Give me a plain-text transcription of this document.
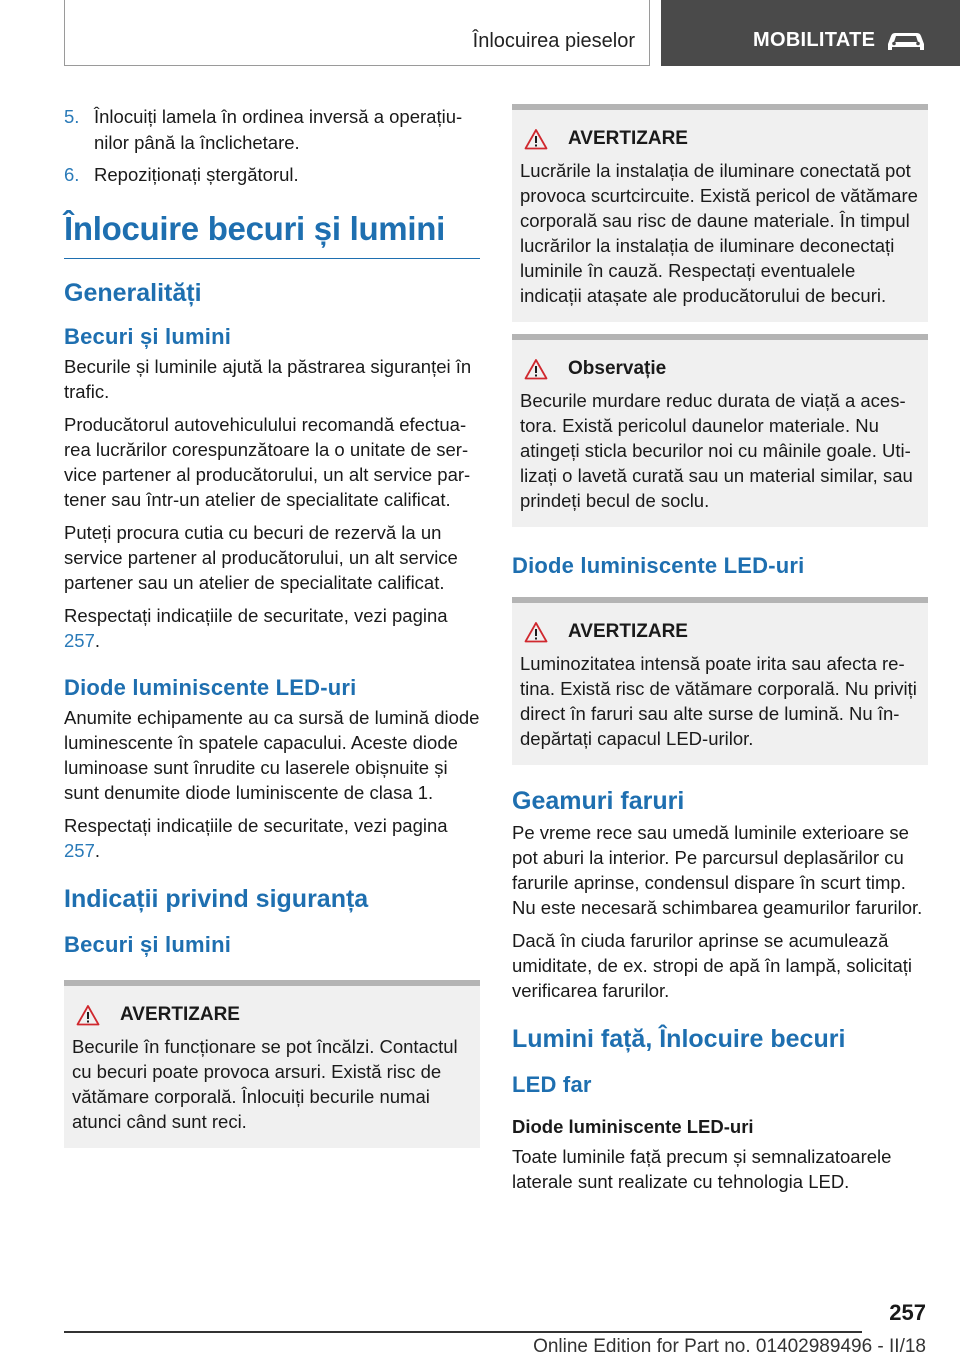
Înlocuirea pieselor	MOBILITATE
5. Înlocuiți lamela în ordinea inversă a operațiunilor până la înclichetare.
6. Repoziționați ștergătorul.
Înlocuire becuri și lumini
Generalități
Becuri și lumini
Becurile și luminile ajută la păstrarea siguranței în trafic.
Producătorul autovehiculului recomandă efectuarea lucrărilor corespunzătoare la o unitate de service partener al producătorului, un alt service partener sau într-un atelier de specialitate calificat.
Puteți procura cutia cu becuri de rezervă la un service partener al producătorului, un alt service partener sau un atelier de specialitate calificat.
Respectați indicațiile de securitate, vezi pagina 257.
Diode luminiscente LED-uri
Anumite echipamente au ca sursă de lumină diode luminescente în spatele capacului. Aceste diode luminoase sunt înrudite cu laserele obișnuite și sunt denumite diode luminiscente de clasa 1.
Respectați indicațiile de securitate, vezi pagina 257.
Indicații privind siguranța
Becuri și lumini
AVERTIZARE
Becurile în funcționare se pot încălzi. Contactul cu becuri poate provoca arsuri. Există risc de vătămare corporală. Înlocuiți becurile numai atunci când sunt reci.
AVERTIZARE
Lucrările la instalația de iluminare conectată pot provoca scurtcircuite. Există pericol de vătămare corporală sau risc de daune materiale. În timpul lucrărilor la instalația de iluminare deconectați luminile în cauză. Respectați eventualele indicații atașate ale producătorului de becuri.
Observație
Becurile murdare reduc durata de viață a acestora. Există pericolul daunelor materiale. Nu atingeți sticla becurilor noi cu mâinile goale. Utilizați o lavetă curată sau un material similar, sau prindeți becul de soclu.
Diode luminiscente LED-uri
AVERTIZARE
Luminozitatea intensă poate irita sau afecta retina. Există risc de vătămare corporală. Nu priviți direct în faruri sau alte surse de lumină. Nu îndepărtați capacul LED-urilor.
Geamuri faruri
Pe vreme rece sau umedă luminile exterioare se pot aburi la interior. Pe parcursul deplasărilor cu farurile aprinse, condensul dispare în scurt timp. Nu este necesară schimbarea geamurilor farurilor.
Dacă în ciuda farurilor aprinse se acumulează umiditate, de ex. stropi de apă în lampă, solicitați verificarea farurilor.
Lumini față, Înlocuire becuri
LED far
Diode luminiscente LED-uri
Toate luminile față precum și semnalizatoarele laterale sunt realizate cu tehnologia LED.
257
Online Edition for Part no. 01402989496 - II/18
